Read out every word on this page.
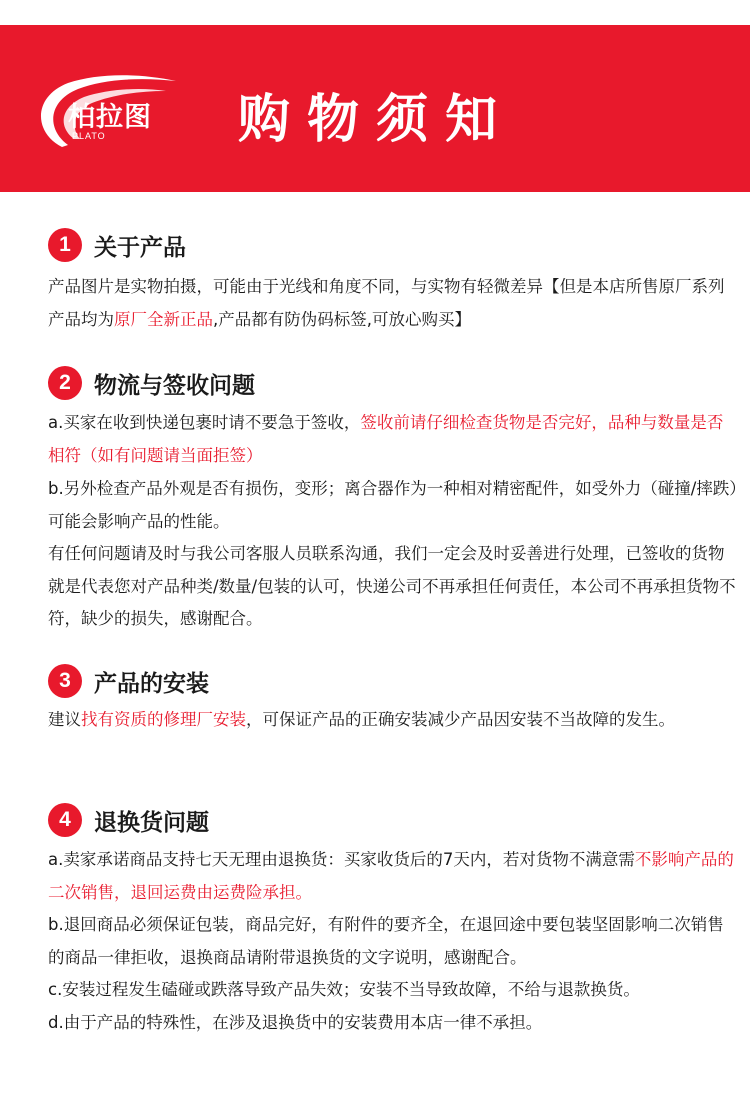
柏拉图
PLATO	购物须知
1	关于产品
产品图片是实物拍摄，可能由于光线和角度不同，与实物有轻微差异【但是本店所售原厂系列产品均为原厂全新正品,产品都有防伪码标签,可放心购买】
2	物流与签收问题
a.买家在收到快递包裹时请不要急于签收，签收前请仔细检查货物是否完好，品种与数量是否相符（如有问题请当面拒签）
b.另外检查产品外观是否有损伤，变形；离合器作为一种相对精密配件，如受外力（碰撞/摔跌）可能会影响产品的性能。
有任何问题请及时与我公司客服人员联系沟通，我们一定会及时妥善进行处理，已签收的货物就是代表您对产品种类/数量/包装的认可，快递公司不再承担任何责任，本公司不再承担货物不符，缺少的损失，感谢配合。
3	产品的安装
建议找有资质的修理厂安装，可保证产品的正确安装减少产品因安装不当故障的发生。
4	退换货问题
a.卖家承诺商品支持七天无理由退换货：买家收货后的7天内，若对货物不满意需不影响产品的二次销售，退回运费由运费险承担。
b.退回商品必须保证包装，商品完好，有附件的要齐全，在退回途中要包装坚固影响二次销售的商品一律拒收，退换商品请附带退换货的文字说明，感谢配合。
c.安装过程发生磕碰或跌落导致产品失效；安装不当导致故障，不给与退款换货。
d.由于产品的特殊性，在涉及退换货中的安装费用本店一律不承担。
